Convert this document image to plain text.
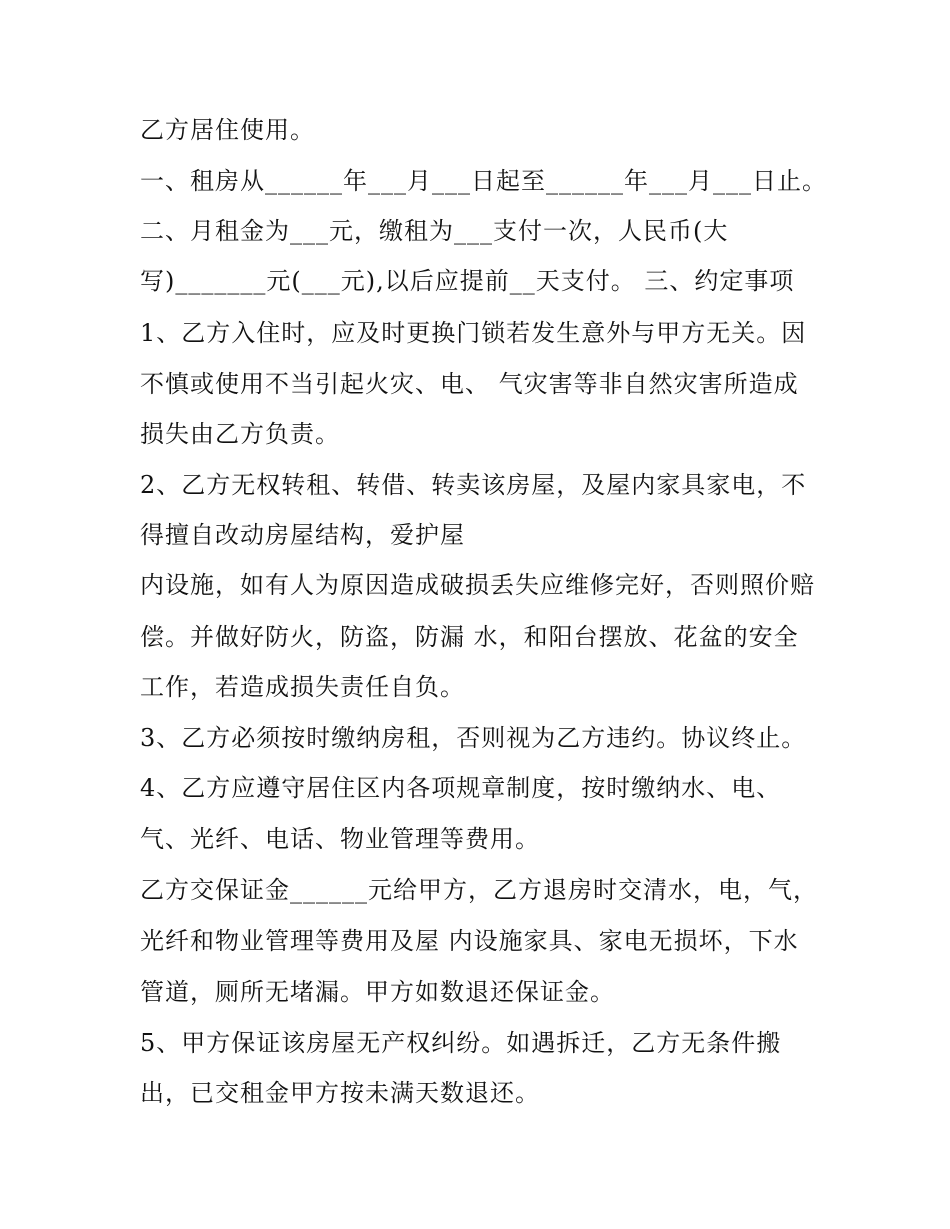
乙方居住使用。
一、租房从______年___月___日起至______年___月___日止。
二、月租金为___元，缴租为___支付一次，人民币(大
写)_______元(___元),以后应提前__天支付。 三、约定事项
1、乙方入住时，应及时更换门锁若发生意外与甲方无关。因
不慎或使用不当引起火灾、电、 气灾害等非自然灾害所造成
损失由乙方负责。
2、乙方无权转租、转借、转卖该房屋，及屋内家具家电，不
得擅自改动房屋结构，爱护屋
内设施，如有人为原因造成破损丢失应维修完好，否则照价赔
偿。并做好防火，防盗，防漏 水，和阳台摆放、花盆的安全
工作，若造成损失责任自负。
3、乙方必须按时缴纳房租，否则视为乙方违约。协议终止。
4、乙方应遵守居住区内各项规章制度，按时缴纳水、电、
气、光纤、电话、物业管理等费用。
乙方交保证金______元给甲方，乙方退房时交清水，电，气，
光纤和物业管理等费用及屋 内设施家具、家电无损坏，下水
管道，厕所无堵漏。甲方如数退还保证金。
5、甲方保证该房屋无产权纠纷。如遇拆迁，乙方无条件搬
出，已交租金甲方按未满天数退还。
